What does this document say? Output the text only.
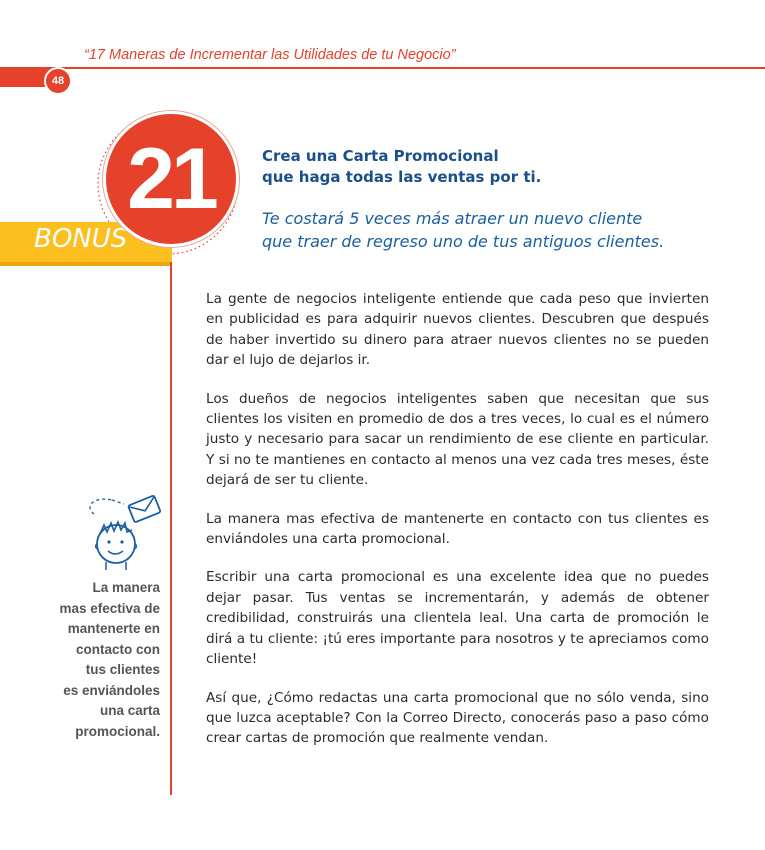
“17 Maneras de Incrementar las Utilidades de tu Negocio”
48
BONUS
21	Crea una Carta Promocional
que haga todas las ventas por ti.
Te costará 5 veces más atraer un nuevo cliente
que traer de regreso uno de tus antiguos clientes.

La gente de negocios inteligente entiende que cada peso que invierten en publicidad es para adquirir nuevos clientes. Descubren que después de haber invertido su dinero para atraer nuevos clientes no se pueden dar el lujo de dejarlos ir.

Los dueños de negocios inteligentes saben que necesitan que sus clientes los visiten en promedio de dos a tres veces, lo cual es el número justo y necesario para sacar un rendimiento de ese cliente en particular. Y si no te mantienes en contacto al menos una vez cada tres meses, éste dejará de ser tu cliente.

La manera mas efectiva de mantenerte en contacto con tus clientes es enviándoles una carta promocional.

Escribir una carta promocional es una excelente idea que no puedes dejar pasar. Tus ventas se incrementarán, y además de obtener credibilidad, construirás una clientela leal. Una carta de promoción le dirá a tu cliente: ¡tú eres importante para nosotros y te apreciamos como cliente!

Así que, ¿Cómo redactas una carta promocional que no sólo venda, sino que luzca aceptable? Con la Correo Directo, conocerás paso a paso cómo crear cartas de promoción que realmente vendan.

La manera
mas efectiva de
mantenerte en
contacto con
tus clientes
es enviándoles
una carta
promocional.
